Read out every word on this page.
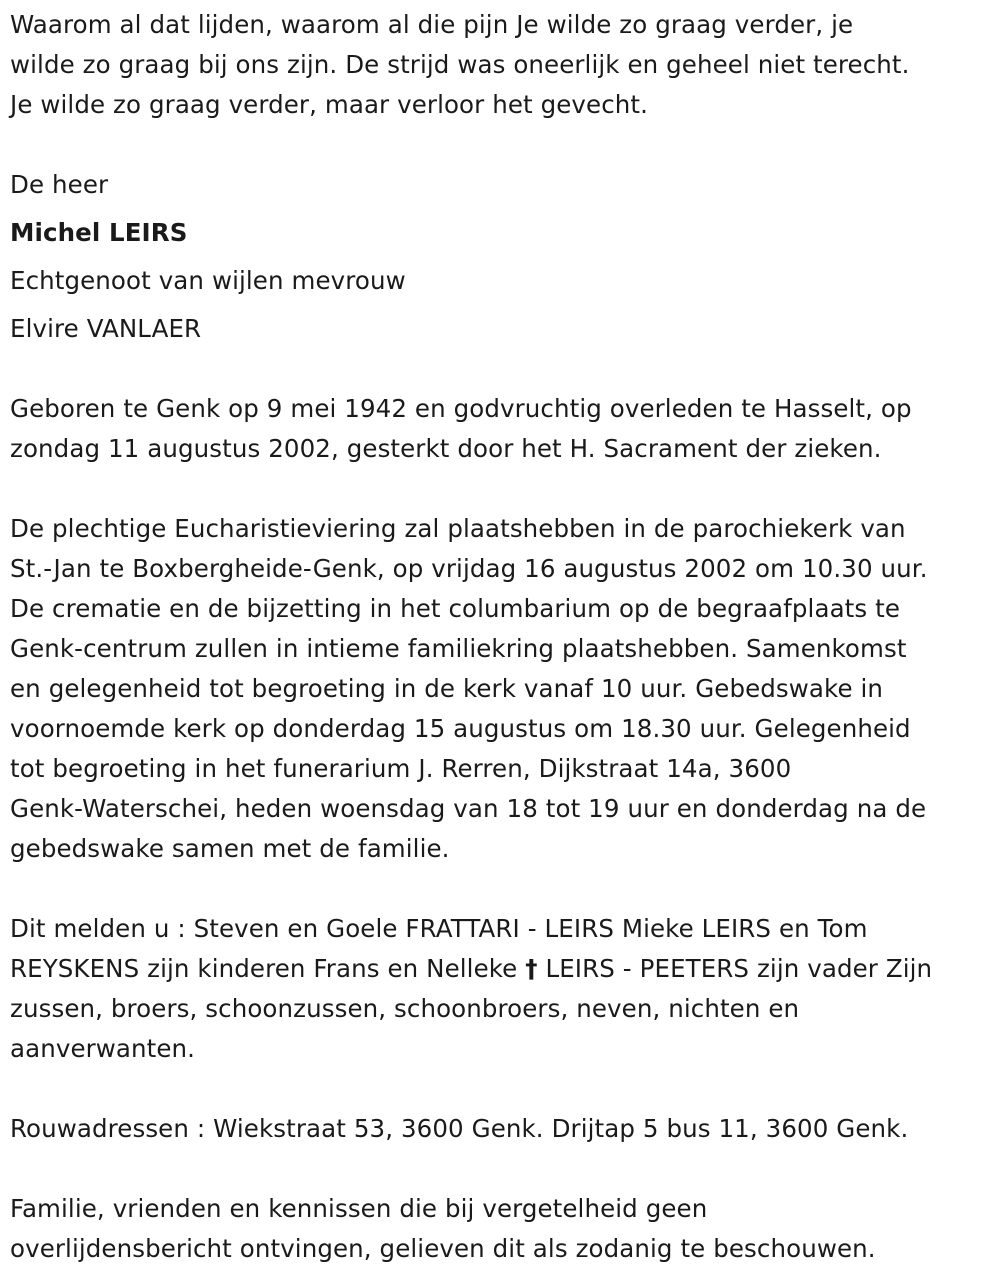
Waarom al dat lijden, waarom al die pijn Je wilde zo graag verder, je
wilde zo graag bij ons zijn. De strijd was oneerlijk en geheel niet terecht.
Je wilde zo graag verder, maar verloor het gevecht.

De heer

Michel LEIRS

Echtgenoot van wijlen mevrouw

Elvire VANLAER

Geboren te Genk op 9 mei 1942 en godvruchtig overleden te Hasselt, op
zondag 11 augustus 2002, gesterkt door het H. Sacrament der zieken.

De plechtige Eucharistieviering zal plaatshebben in de parochiekerk van
St.-Jan te Boxbergheide-Genk, op vrijdag 16 augustus 2002 om 10.30 uur.
De crematie en de bijzetting in het columbarium op de begraafplaats te
Genk-centrum zullen in intieme familiekring plaatshebben. Samenkomst
en gelegenheid tot begroeting in de kerk vanaf 10 uur. Gebedswake in
voornoemde kerk op donderdag 15 augustus om 18.30 uur. Gelegenheid
tot begroeting in het funerarium J. Rerren, Dijkstraat 14a, 3600
Genk-Waterschei, heden woensdag van 18 tot 19 uur en donderdag na de
gebedswake samen met de familie.

Dit melden u : Steven en Goele FRATTARI - LEIRS Mieke LEIRS en Tom
REYSKENS zijn kinderen Frans en Nelleke † LEIRS - PEETERS zijn vader Zijn
zussen, broers, schoonzussen, schoonbroers, neven, nichten en
aanverwanten.

Rouwadressen : Wiekstraat 53, 3600 Genk. Drijtap 5 bus 11, 3600 Genk.

Familie, vrienden en kennissen die bij vergetelheid geen
overlijdensbericht ontvingen, gelieven dit als zodanig te beschouwen.
